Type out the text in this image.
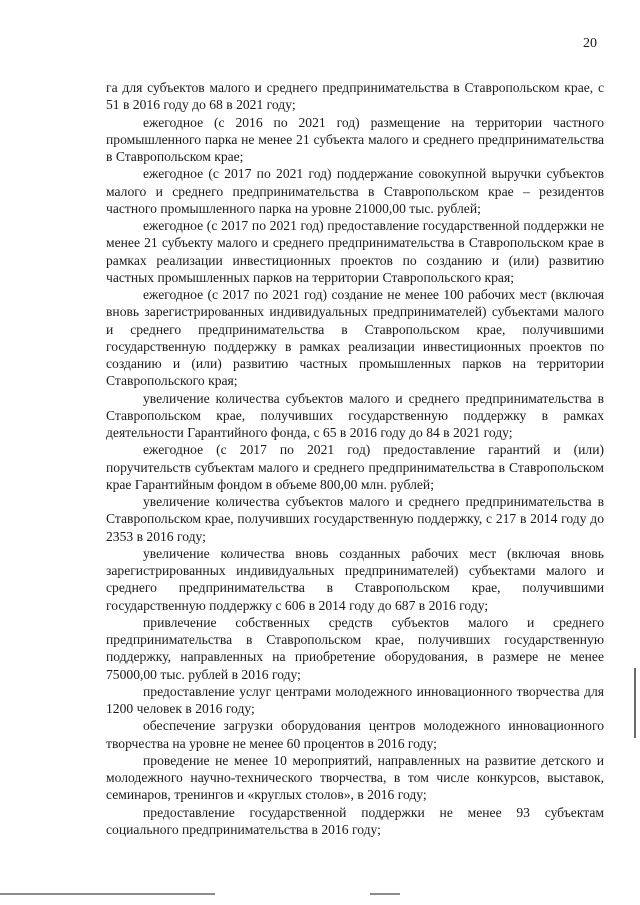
20

га для субъектов малого и среднего предпринимательства в Ставропольском крае, с 51 в 2016 году до 68 в 2021 году;

ежегодное (с 2016 по 2021 год) размещение на территории частного промышленного парка не менее 21 субъекта малого и среднего предпринимательства в Ставропольском крае;

ежегодное (с 2017 по 2021 год) поддержание совокупной выручки субъектов малого и среднего предпринимательства в Ставропольском крае – резидентов частного промышленного парка на уровне 21000,00 тыс. рублей;

ежегодное (с 2017 по 2021 год) предоставление государственной поддержки не менее 21 субъекту малого и среднего предпринимательства в Ставропольском крае в рамках реализации инвестиционных проектов по созданию и (или) развитию частных промышленных парков на территории Ставропольского края;

ежегодное (с 2017 по 2021 год) создание не менее 100 рабочих мест (включая вновь зарегистрированных индивидуальных предпринимателей) субъектами малого и среднего предпринимательства в Ставропольском крае, получившими государственную поддержку в рамках реализации инвестиционных проектов по созданию и (или) развитию частных промышленных парков на территории Ставропольского края;

увеличение количества субъектов малого и среднего предпринимательства в Ставропольском крае, получивших государственную поддержку в рамках деятельности Гарантийного фонда, с 65 в 2016 году до 84 в 2021 году;

ежегодное (с 2017 по 2021 год) предоставление гарантий и (или) поручительств субъектам малого и среднего предпринимательства в Ставропольском крае Гарантийным фондом в объеме 800,00 млн. рублей;

увеличение количества субъектов малого и среднего предпринимательства в Ставропольском крае, получивших государственную поддержку, с 217 в 2014 году до 2353 в 2016 году;

увеличение количества вновь созданных рабочих мест (включая вновь зарегистрированных индивидуальных предпринимателей) субъектами малого и среднего предпринимательства в Ставропольском крае, получившими государственную поддержку с 606 в 2014 году до 687 в 2016 году;

привлечение собственных средств субъектов малого и среднего предпринимательства в Ставропольском крае, получивших государственную поддержку, направленных на приобретение оборудования, в размере не менее 75000,00 тыс. рублей в 2016 году;

предоставление услуг центрами молодежного инновационного творчества для 1200 человек в 2016 году;

обеспечение загрузки оборудования центров молодежного инновационного творчества на уровне не менее 60 процентов в 2016 году;

проведение не менее 10 мероприятий, направленных на развитие детского и молодежного научно-технического творчества, в том числе конкурсов, выставок, семинаров, тренингов и «круглых столов», в 2016 году;

предоставление государственной поддержки не менее 93 субъектам социального предпринимательства в 2016 году;
